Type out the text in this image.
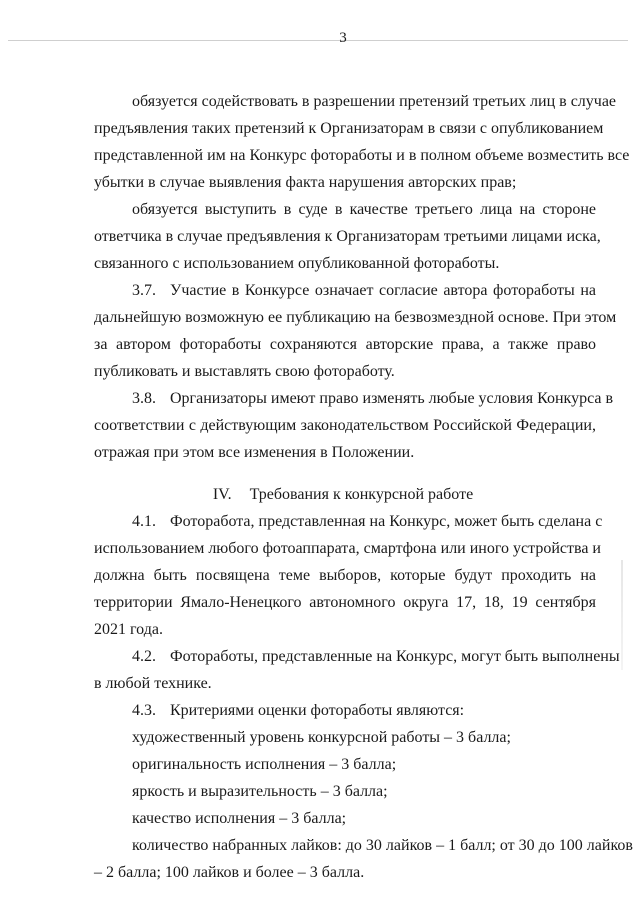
3
обязуется содействовать в разрешении претензий третьих лиц в случае
предъявления таких претензий к Организаторам в связи с опубликованием
представленной им на Конкурс фотоработы и в полном объеме возместить все
убытки в случае выявления факта нарушения авторских прав;
обязуется выступить в суде в качестве третьего лица на стороне
ответчика в случае предъявления к Организаторам третьими лицами иска,
связанного с использованием опубликованной фотоработы.
3.7. Участие в Конкурсе означает согласие автора фотоработы на
дальнейшую возможную ее публикацию на безвозмездной основе. При этом
за автором фотоработы сохраняются авторские права, а также право
публиковать и выставлять свою фотоработу.
3.8. Организаторы имеют право изменять любые условия Конкурса в
соответствии с действующим законодательством Российской Федерации,
отражая при этом все изменения в Положении.
IV. Требования к конкурсной работе
4.1. Фоторабота, представленная на Конкурс, может быть сделана с
использованием любого фотоаппарата, смартфона или иного устройства и
должна быть посвящена теме выборов, которые будут проходить на
территории Ямало-Ненецкого автономного округа 17, 18, 19 сентября
2021 года.
4.2. Фотоработы, представленные на Конкурс, могут быть выполнены
в любой технике.
4.3. Критериями оценки фотоработы являются:
художественный уровень конкурсной работы – 3 балла;
оригинальность исполнения – 3 балла;
яркость и выразительность – 3 балла;
качество исполнения – 3 балла;
количество набранных лайков: до 30 лайков – 1 балл; от 30 до 100 лайков
– 2 балла; 100 лайков и более – 3 балла.
